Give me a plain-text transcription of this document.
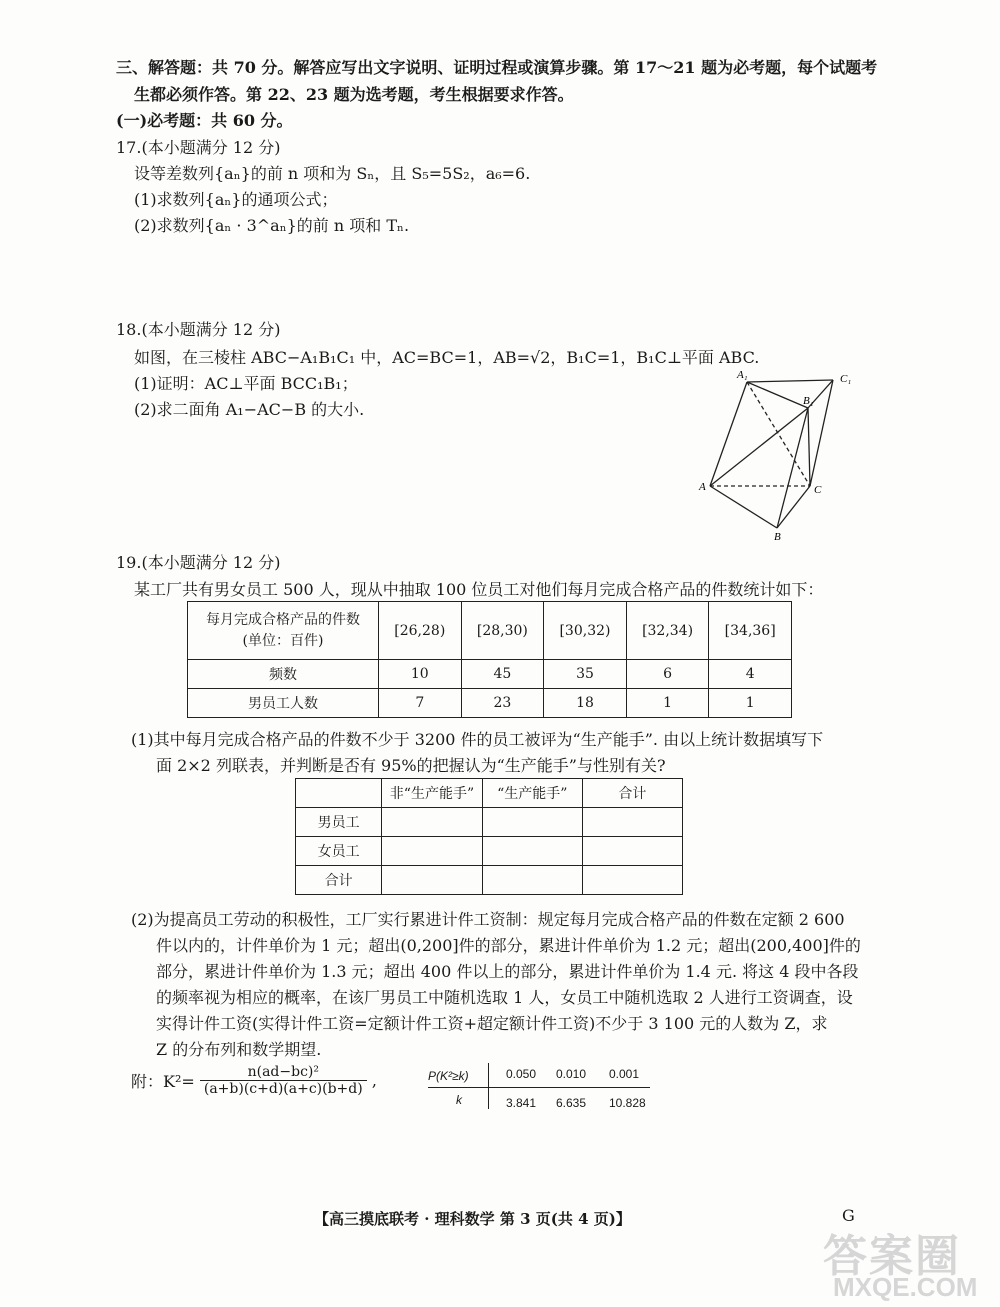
三、解答题：共 70 分。解答应写出文字说明、证明过程或演算步骤。第 17～21 题为必考题，每个试题考
生都必须作答。第 22、23 题为选考题，考生根据要求作答。
(一)必考题：共 60 分。
17.(本小题满分 12 分)
设等差数列{aₙ}的前 n 项和为 Sₙ，且 S₅=5S₂，a₆=6.
(1)求数列{aₙ}的通项公式；
(2)求数列{aₙ · 3^aₙ}的前 n 项和 Tₙ.
18.(本小题满分 12 分)
如图，在三棱柱 ABC−A₁B₁C₁ 中，AC=BC=1，AB=√2，B₁C=1，B₁C⊥平面 ABC.
(1)证明：AC⊥平面 BCC₁B₁；
(2)求二面角 A₁−AC−B 的大小.
A₁	C₁
B₁
A	C
B
19.(本小题满分 12 分)
某工厂共有男女员工 500 人，现从中抽取 100 位员工对他们每月完成合格产品的件数统计如下：
每月完成合格产品的件数
(单位：百件)	[26,28)	[28,30)	[30,32)	[32,34)	[34,36]
频数	10	45	35	6	4
男员工人数	7	23	18	1	1
(1)其中每月完成合格产品的件数不少于 3200 件的员工被评为“生产能手”. 由以上统计数据填写下
面 2×2 列联表，并判断是否有 95%的把握认为“生产能手”与性别有关?
	非“生产能手”	“生产能手”	合计
男员工			
女员工			
合计			
(2)为提高员工劳动的积极性，工厂实行累进计件工资制：规定每月完成合格产品的件数在定额 2 600
件以内的，计件单价为 1 元；超出(0,200]件的部分，累进计件单价为 1.2 元；超出(200,400]件的
部分，累进计件单价为 1.3 元；超出 400 件以上的部分，累进计件单价为 1.4 元. 将这 4 段中各段
的频率视为相应的概率，在该厂男员工中随机选取 1 人，女员工中随机选取 2 人进行工资调查，设
实得计件工资(实得计件工资=定额计件工资+超定额计件工资)不少于 3 100 元的人数为 Z，求
Z 的分布列和数学期望.
附：$K^2= \frac{\text{n(ad−bc)²}}{(a+b)(c+d)(a+c)(b+d)}$ ,	P(K²≥k)	0.050 0.010 0.001
k	3.841 6.635 10.828
【高三摸底联考 · 理科数学 第 3 页(共 4 页)】	G
答案圈
MXQE.COM
